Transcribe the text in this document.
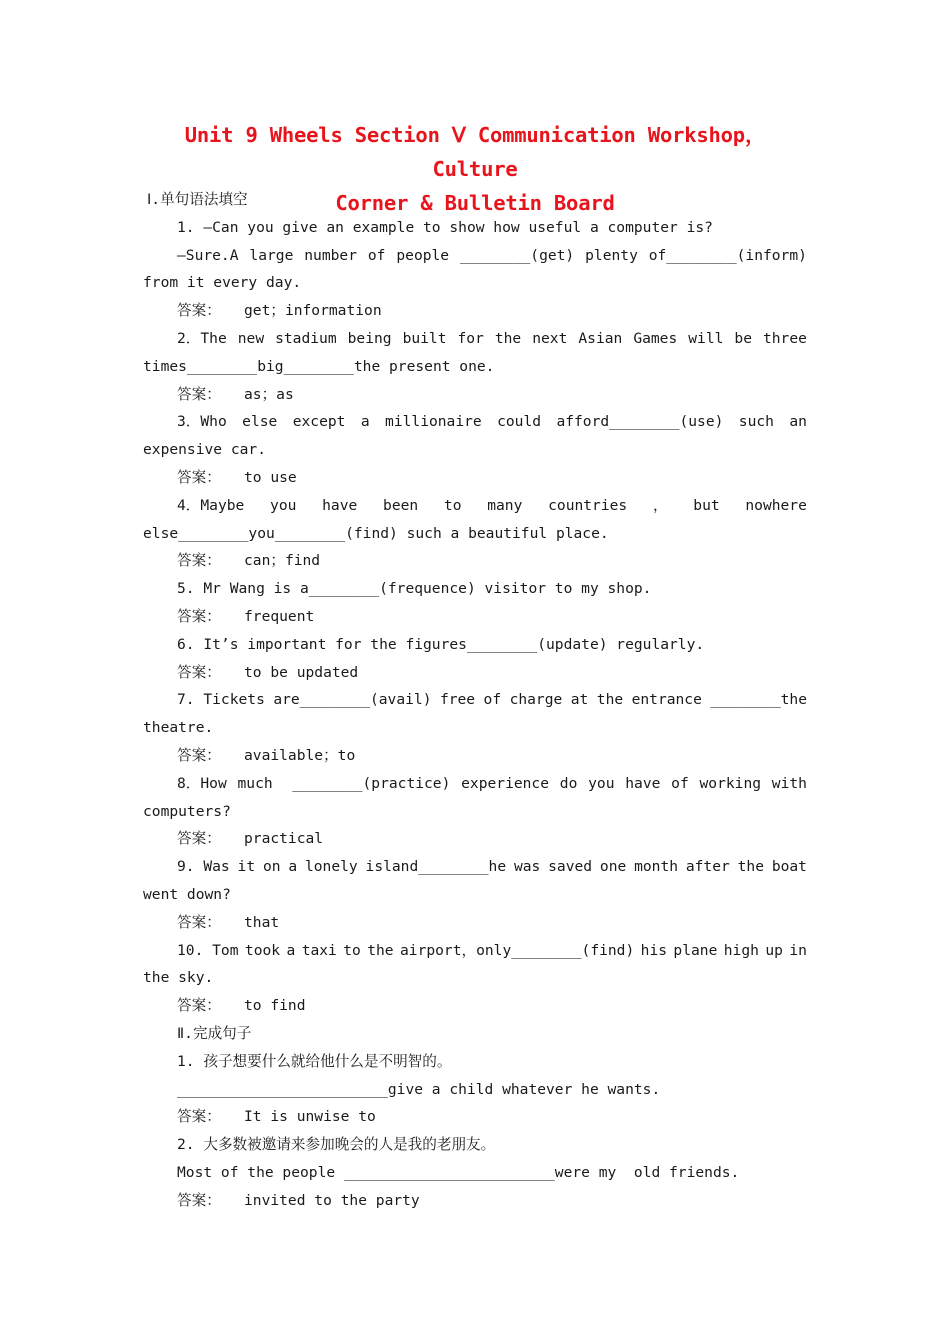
Unit 9 Wheels Section Ⅴ Communication Workshop，Culture
Corner & Bulletin Board
Ⅰ.单句语法填空
1. —Can you give an example to show how useful a computer is?
—Sure.A large number of people ________(get) plenty of________(inform)
from it every day.
答案： get；information
2．The new stadium being built for the next Asian Games will be three
times________big________the present one.
答案： as；as
3．Who else except a millionaire could afford________(use) such an
expensive car.
答案： to use
4．Maybe you have been to many countries ， but nowhere
else________you________(find) such a beautiful place.
答案： can；find
5. Mr Wang is a________(frequence) visitor to my shop.
答案： frequent
6. It’s important for the figures________(update) regularly.
答案： to be updated
7. Tickets are________(avail) free of charge at the entrance ________the
theatre.
答案： available；to
8．How much ________(practice) experience do you have of working with
computers?
答案： practical
9. Was it on a lonely island________he was saved one month after the boat
went down?
答案： that
10. Tom took a taxi to the airport，only________(find) his plane high up in
the sky.
答案： to find
Ⅱ.完成句子
1. 孩子想要什么就给他什么是不明智的。
________________________give a child whatever he wants.
答案： It is unwise to
2. 大多数被邀请来参加晚会的人是我的老朋友。
Most of the people ________________________were my  old friends.
答案： invited to the party
